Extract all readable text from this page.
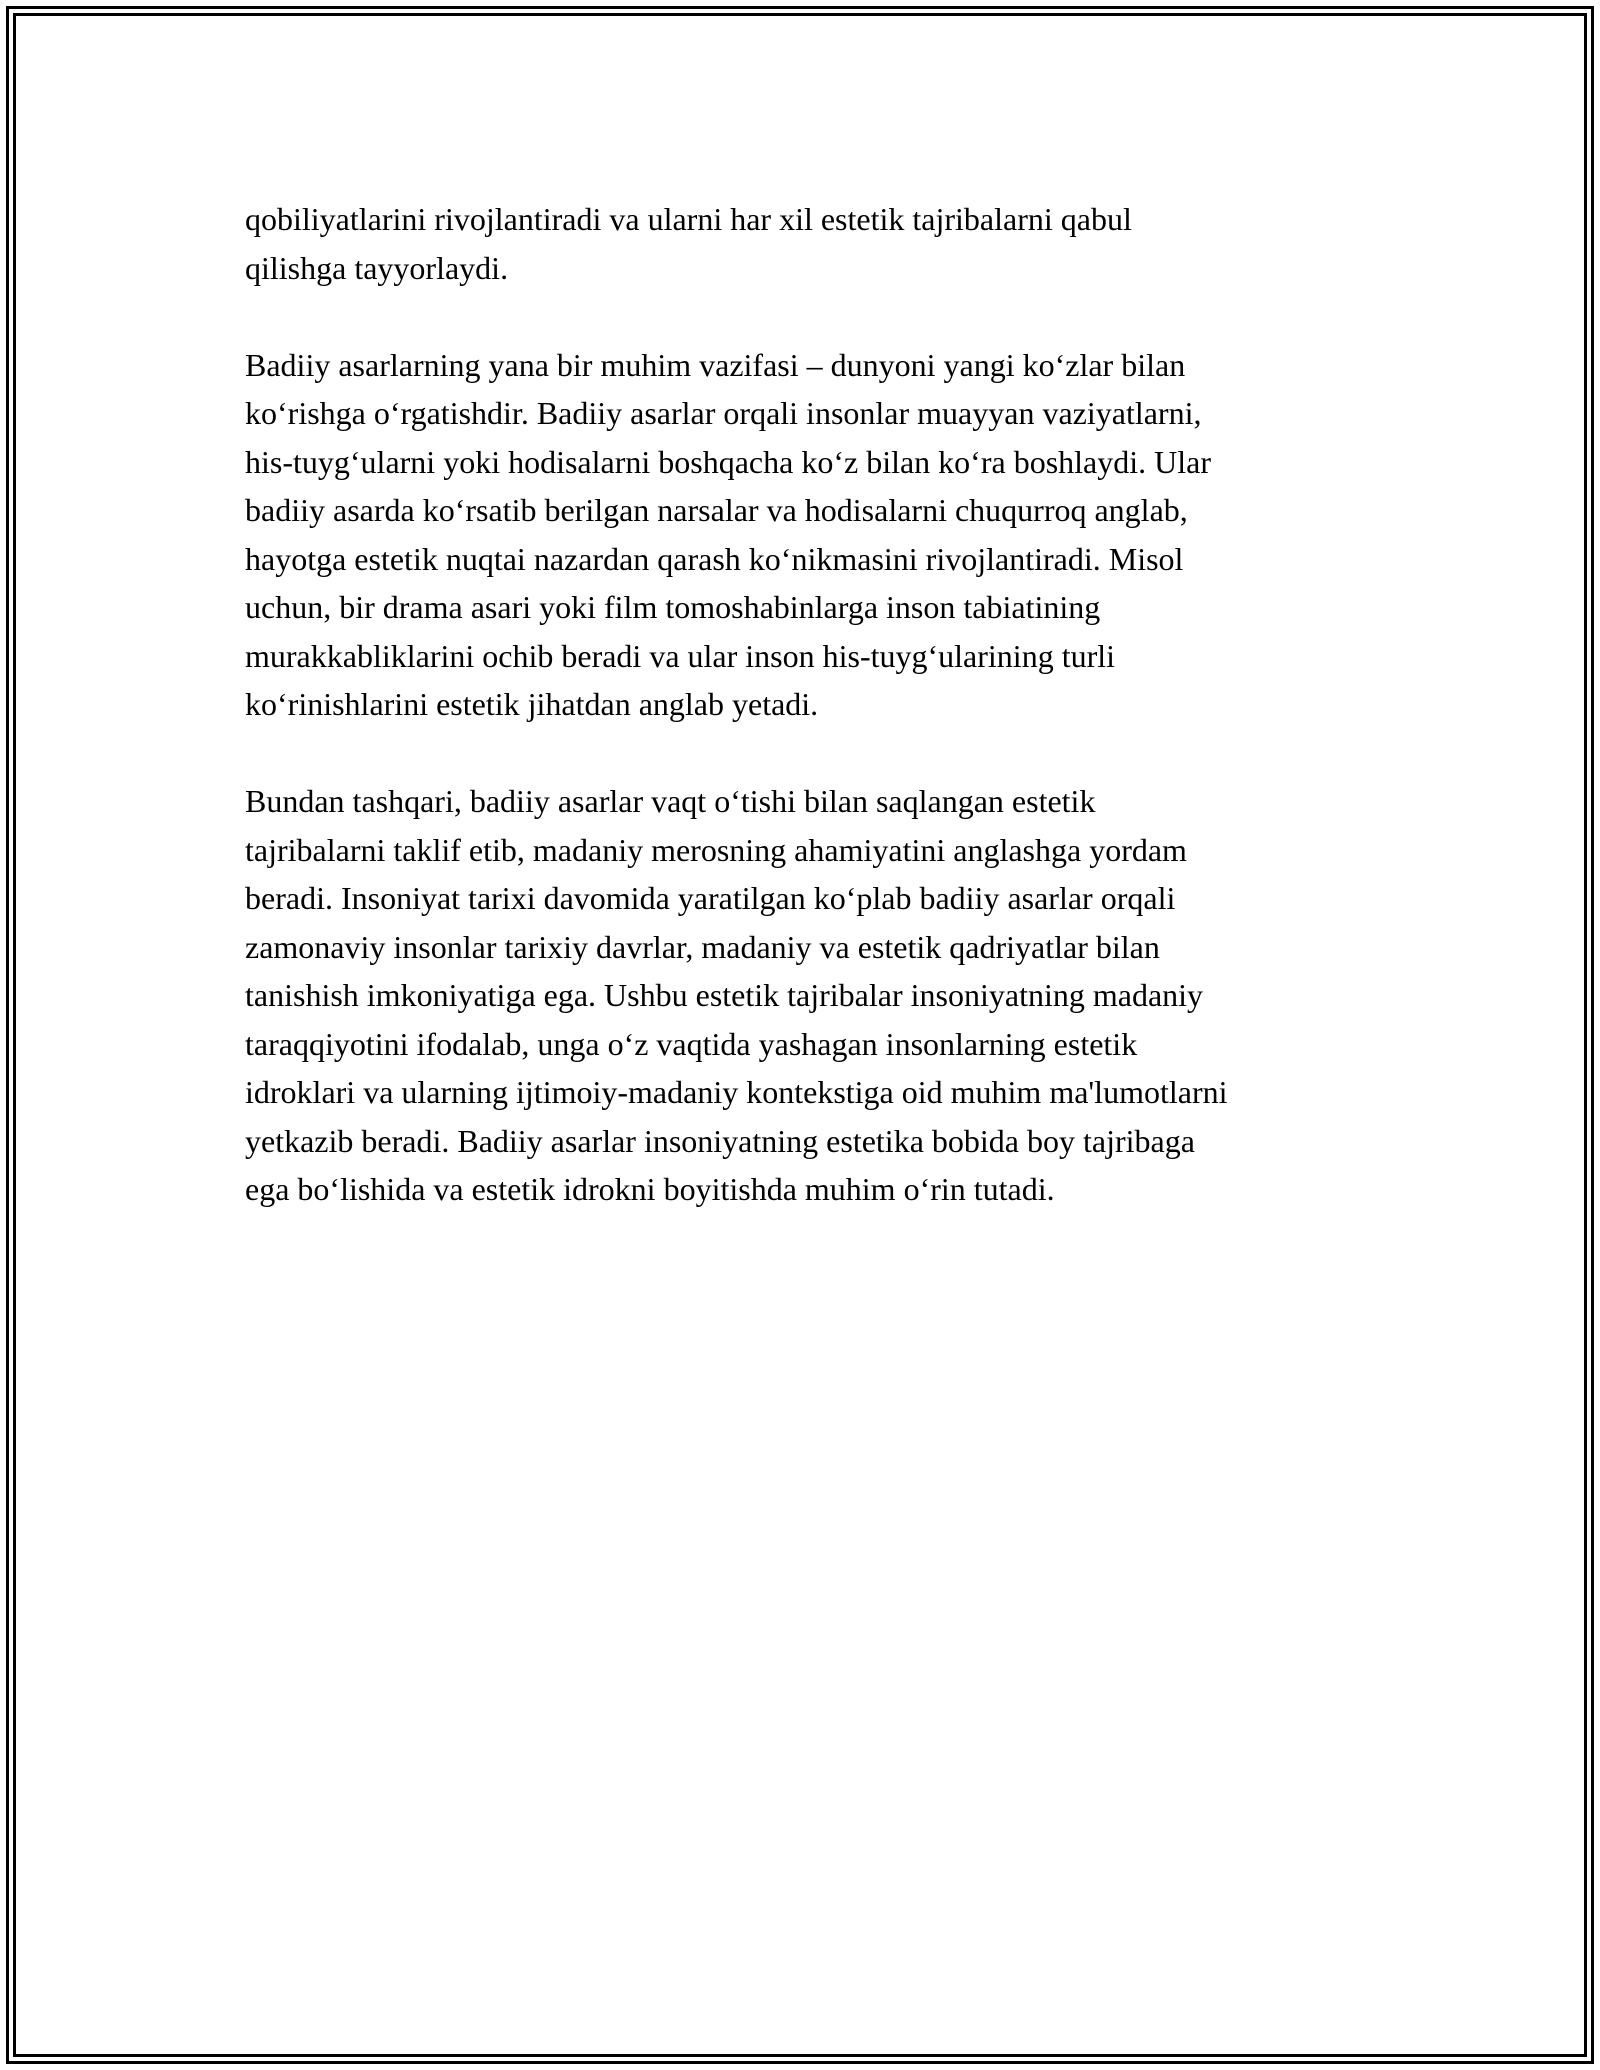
qobiliyatlarini rivojlantiradi va ularni har xil estetik tajribalarni qabul
qilishga tayyorlaydi.

Badiiy asarlarning yana bir muhim vazifasi – dunyoni yangi koʻzlar bilan
koʻrishga oʻrgatishdir. Badiiy asarlar orqali insonlar muayyan vaziyatlarni,
his-tuygʻularni yoki hodisalarni boshqacha koʻz bilan koʻra boshlaydi. Ular
badiiy asarda koʻrsatib berilgan narsalar va hodisalarni chuqurroq anglab,
hayotga estetik nuqtai nazardan qarash koʻnikmasini rivojlantiradi. Misol
uchun, bir drama asari yoki film tomoshabinlarga inson tabiatining
murakkabliklarini ochib beradi va ular inson his-tuygʻularining turli
koʻrinishlarini estetik jihatdan anglab yetadi.

Bundan tashqari, badiiy asarlar vaqt oʻtishi bilan saqlangan estetik
tajribalarni taklif etib, madaniy merosning ahamiyatini anglashga yordam
beradi. Insoniyat tarixi davomida yaratilgan koʻplab badiiy asarlar orqali
zamonaviy insonlar tarixiy davrlar, madaniy va estetik qadriyatlar bilan
tanishish imkoniyatiga ega. Ushbu estetik tajribalar insoniyatning madaniy
taraqqiyotini ifodalab, unga oʻz vaqtida yashagan insonlarning estetik
idroklari va ularning ijtimoiy-madaniy kontekstiga oid muhim ma'lumotlarni
yetkazib beradi. Badiiy asarlar insoniyatning estetika bobida boy tajribaga
ega boʻlishida va estetik idrokni boyitishda muhim oʻrin tutadi.
